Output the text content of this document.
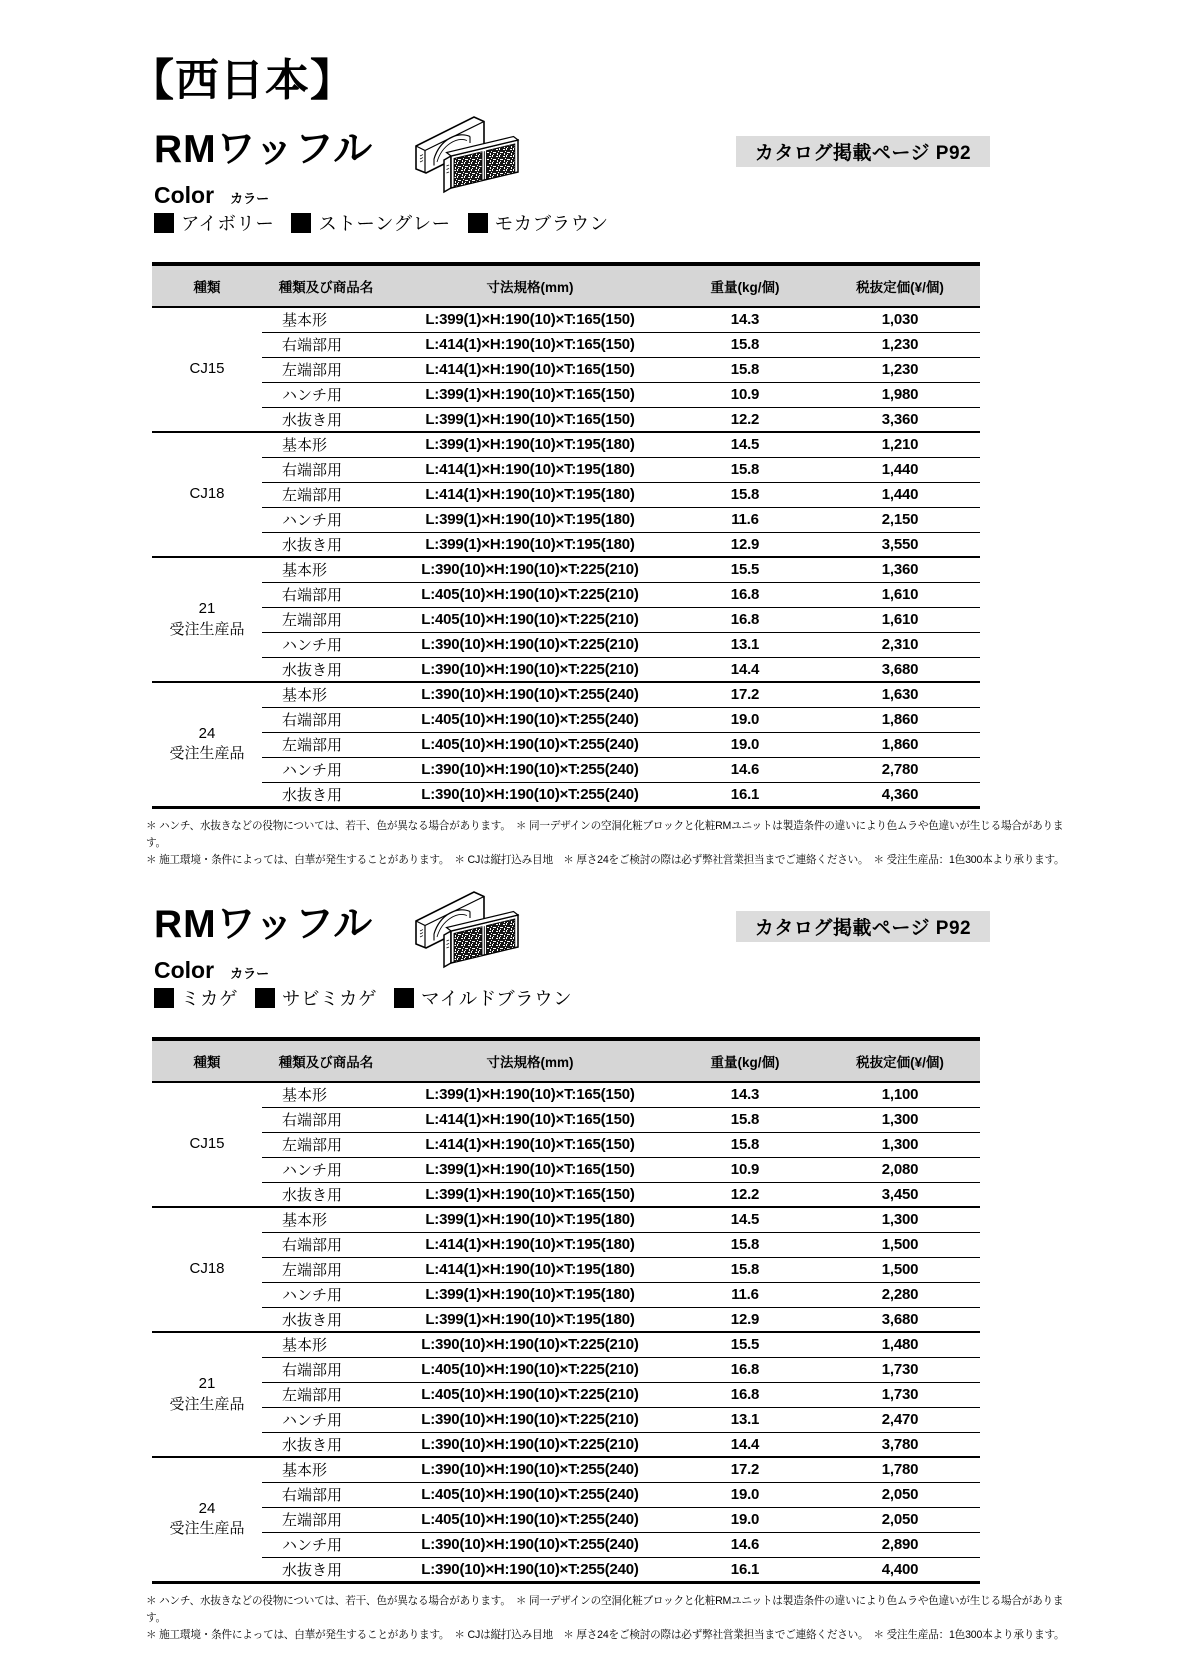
【西日本】
RMワッフル	カタログ掲載ページ P92
Color カラー
アイボリー ストーングレー モカブラウン
種類	種類及び商品名	寸法規格(mm)	重量(kg/個)	税抜定価(¥/個)

CJ15	基本形	L:399(1)×H:190(10)×T:165(150)	14.3	1,030
	右端部用	L:414(1)×H:190(10)×T:165(150)	15.8	1,230
	左端部用	L:414(1)×H:190(10)×T:165(150)	15.8	1,230
	ハンチ用	L:399(1)×H:190(10)×T:165(150)	10.9	1,980
	水抜き用	L:399(1)×H:190(10)×T:165(150)	12.2	3,360

CJ18	基本形	L:399(1)×H:190(10)×T:195(180)	14.5	1,210
	右端部用	L:414(1)×H:190(10)×T:195(180)	15.8	1,440
	左端部用	L:414(1)×H:190(10)×T:195(180)	15.8	1,440
	ハンチ用	L:399(1)×H:190(10)×T:195(180)	11.6	2,150
	水抜き用	L:399(1)×H:190(10)×T:195(180)	12.9	3,550

21
受注生産品	基本形	L:390(10)×H:190(10)×T:225(210)	15.5	1,360
	右端部用	L:405(10)×H:190(10)×T:225(210)	16.8	1,610
	左端部用	L:405(10)×H:190(10)×T:225(210)	16.8	1,610
	ハンチ用	L:390(10)×H:190(10)×T:225(210)	13.1	2,310
	水抜き用	L:390(10)×H:190(10)×T:225(210)	14.4	3,680

24
受注生産品	基本形	L:390(10)×H:190(10)×T:255(240)	17.2	1,630
	右端部用	L:405(10)×H:190(10)×T:255(240)	19.0	1,860
	左端部用	L:405(10)×H:190(10)×T:255(240)	19.0	1,860
	ハンチ用	L:390(10)×H:190(10)×T:255(240)	14.6	2,780
	水抜き用	L:390(10)×H:190(10)×T:255(240)	16.1	4,360
＊ ハンチ、水抜きなどの役物については、若干、色が異なる場合があります。　＊ 同一デザインの空洞化粧ブロックと化粧RMユニットは製造条件の違いにより色ムラや色違いが生じる場合があります。
＊ 施工環境・条件によっては、白華が発生することがあります。　＊ CJは縦打込み目地　＊ 厚さ24をご検討の際は必ず弊社営業担当までご連絡ください。　＊ 受注生産品：1色300本より承ります。
RMワッフル	カタログ掲載ページ P92
Color カラー
ミカゲ サビミカゲ マイルドブラウン
種類	種類及び商品名	寸法規格(mm)	重量(kg/個)	税抜定価(¥/個)

CJ15	基本形	L:399(1)×H:190(10)×T:165(150)	14.3	1,100
	右端部用	L:414(1)×H:190(10)×T:165(150)	15.8	1,300
	左端部用	L:414(1)×H:190(10)×T:165(150)	15.8	1,300
	ハンチ用	L:399(1)×H:190(10)×T:165(150)	10.9	2,080
	水抜き用	L:399(1)×H:190(10)×T:165(150)	12.2	3,450

CJ18	基本形	L:399(1)×H:190(10)×T:195(180)	14.5	1,300
	右端部用	L:414(1)×H:190(10)×T:195(180)	15.8	1,500
	左端部用	L:414(1)×H:190(10)×T:195(180)	15.8	1,500
	ハンチ用	L:399(1)×H:190(10)×T:195(180)	11.6	2,280
	水抜き用	L:399(1)×H:190(10)×T:195(180)	12.9	3,680

21
受注生産品	基本形	L:390(10)×H:190(10)×T:225(210)	15.5	1,480
	右端部用	L:405(10)×H:190(10)×T:225(210)	16.8	1,730
	左端部用	L:405(10)×H:190(10)×T:225(210)	16.8	1,730
	ハンチ用	L:390(10)×H:190(10)×T:225(210)	13.1	2,470
	水抜き用	L:390(10)×H:190(10)×T:225(210)	14.4	3,780

24
受注生産品	基本形	L:390(10)×H:190(10)×T:255(240)	17.2	1,780
	右端部用	L:405(10)×H:190(10)×T:255(240)	19.0	2,050
	左端部用	L:405(10)×H:190(10)×T:255(240)	19.0	2,050
	ハンチ用	L:390(10)×H:190(10)×T:255(240)	14.6	2,890
	水抜き用	L:390(10)×H:190(10)×T:255(240)	16.1	4,400
＊ ハンチ、水抜きなどの役物については、若干、色が異なる場合があります。　＊ 同一デザインの空洞化粧ブロックと化粧RMユニットは製造条件の違いにより色ムラや色違いが生じる場合があります。
＊ 施工環境・条件によっては、白華が発生することがあります。　＊ CJは縦打込み目地　＊ 厚さ24をご検討の際は必ず弊社営業担当までご連絡ください。　＊ 受注生産品：1色300本より承ります。
